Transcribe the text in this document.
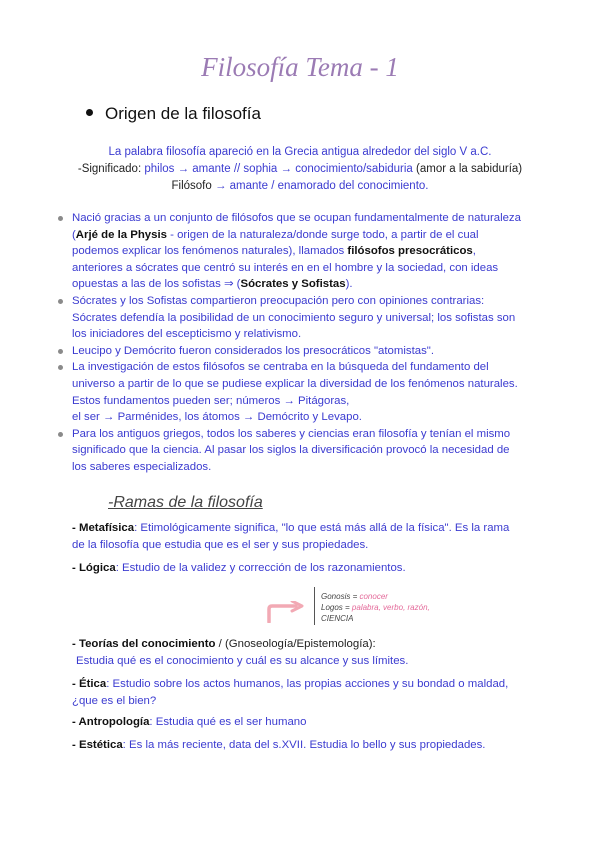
Filosofía Tema - 1
Origen de la filosofía
La palabra filosofía apareció en la Grecia antigua alrededor del siglo V a.C.
-Significado: philos → amante // sophia → conocimiento/sabiduria (amor a la sabiduría)
Filósofo → amante / enamorado del conocimiento.
Nació gracias a un conjunto de filósofos que se ocupan fundamentalmente de naturaleza (Arjé de la Physis - origen de la naturaleza/donde surge todo, a partir de el cual podemos explicar los fenómenos naturales), llamados filósofos presocráticos, anteriores a sócrates que centró su interés en en el hombre y la sociedad, con ideas opuestas a las de los sofistas ⇒ (Sócrates y Sofistas).
Sócrates y los Sofistas compartieron preocupación pero con opiniones contrarias: Sócrates defendía la posibilidad de un conocimiento seguro y universal; los sofistas son los iniciadores del escepticismo y relativismo.
Leucipo y Demócrito fueron considerados los presocráticos "atomistas".
La investigación de estos filósofos se centraba en la búsqueda del fundamento del universo a partir de lo que se pudiese explicar la diversidad de los fenómenos naturales. Estos fundamentos pueden ser; números → Pitágoras,
el ser → Parménides, los átomos → Demócrito y Levapo.
Para los antiguos griegos, todos los saberes y ciencias eran filosofía y tenían el mismo significado que la ciencia. Al pasar los siglos la diversificación provocó la necesidad de los saberes especializados.
-Ramas de la filosofía
- Metafísica: Etimológicamente significa, "lo que está más allá de la física". Es la rama de la filosofía que estudia que es el ser y sus propiedades.
- Lógica: Estudio de la validez y corrección de los razonamientos.
Gonosis = conocer
Logos = palabra, verbo, razón,
CIENCIA
- Teorías del conocimiento / (Gnoseología/Epistemología):
Estudia qué es el conocimiento y cuál es su alcance y sus límites.
- Ética: Estudio sobre los actos humanos, las propias acciones y su bondad o maldad, ¿que es el bien?
- Antropología: Estudia qué es el ser humano
- Estética: Es la más reciente, data del s.XVII. Estudia lo bello y sus propiedades.
